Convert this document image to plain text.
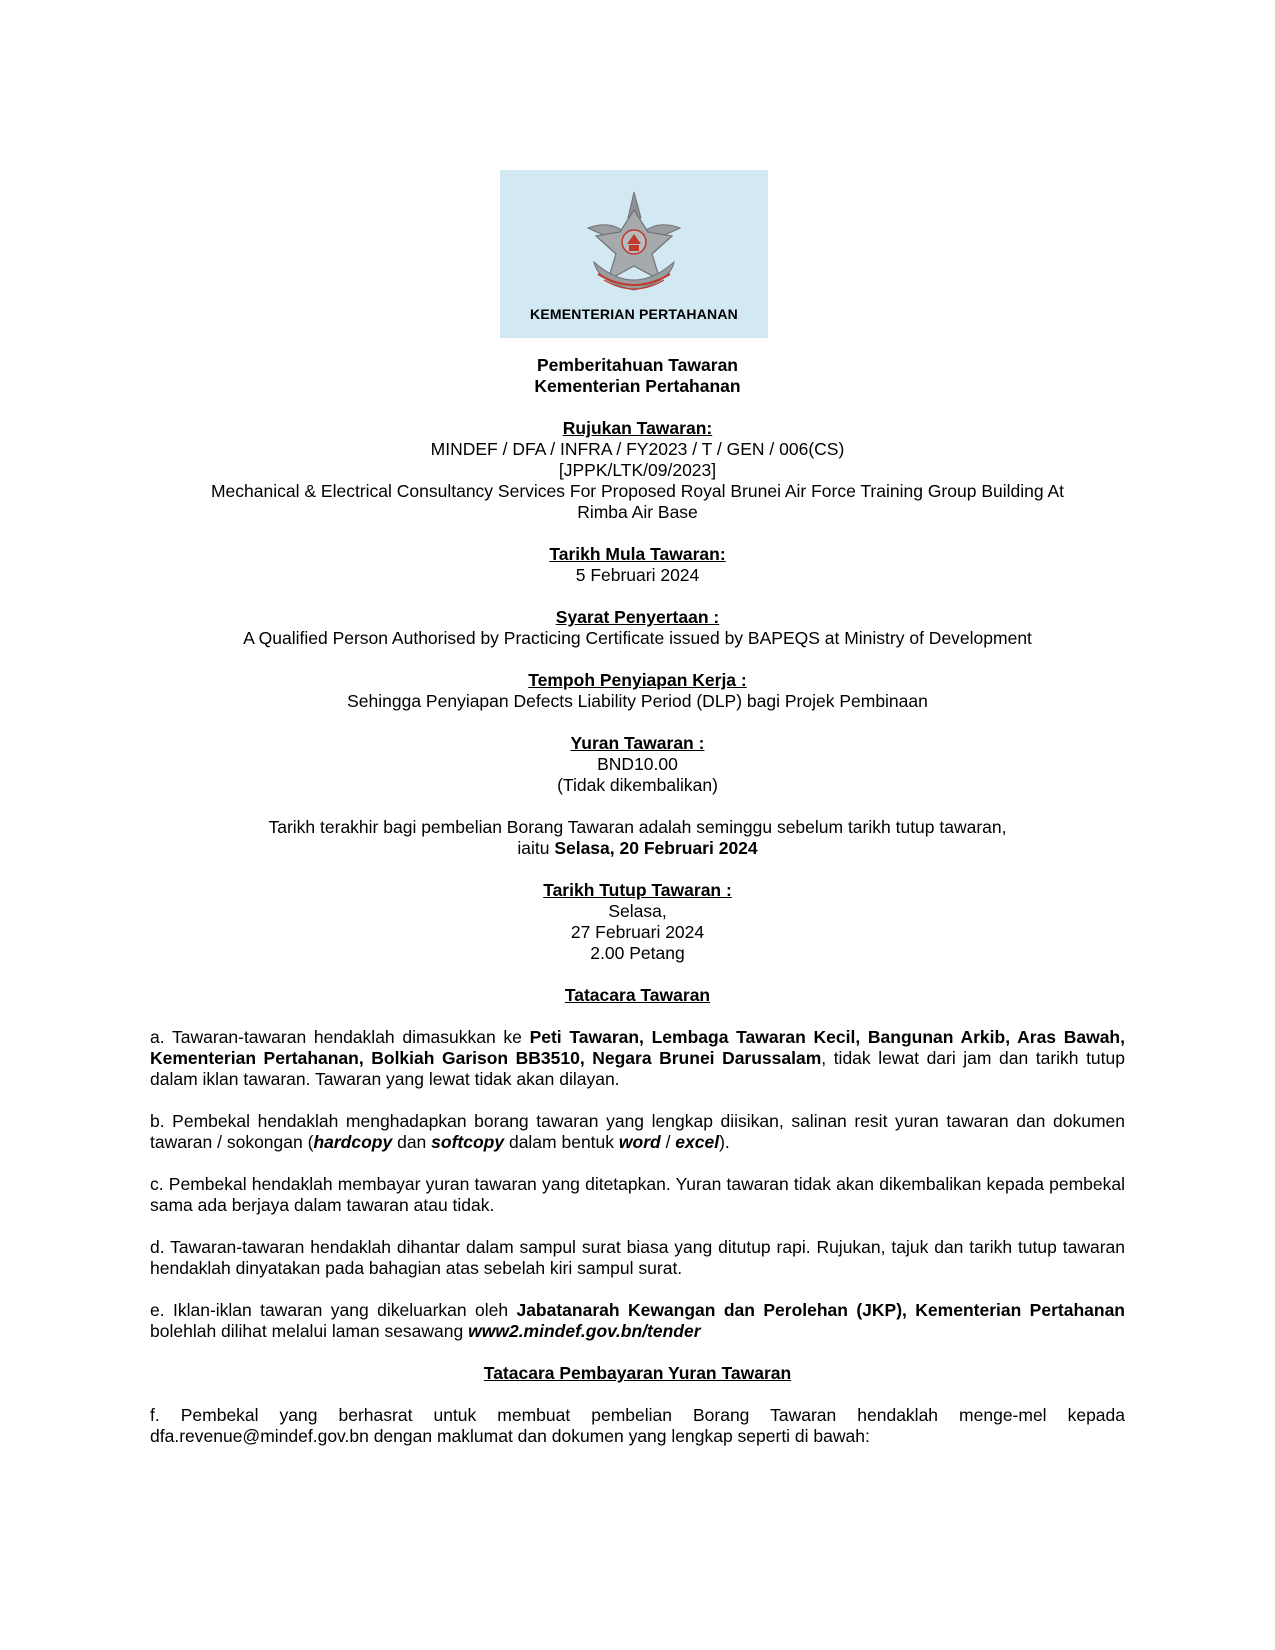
KEMENTERIAN PERTAHANAN
Pemberitahuan Tawaran
Kementerian Pertahanan
Rujukan Tawaran:
MINDEF / DFA / INFRA / FY2023 / T / GEN / 006(CS)
[JPPK/LTK/09/2023]
Mechanical & Electrical Consultancy Services For Proposed Royal Brunei Air Force Training Group Building At
Rimba Air Base
Tarikh Mula Tawaran:
5 Februari 2024
Syarat Penyertaan :
A Qualified Person Authorised by Practicing Certificate issued by BAPEQS at Ministry of Development
Tempoh Penyiapan Kerja :
Sehingga Penyiapan Defects Liability Period (DLP) bagi Projek Pembinaan
Yuran Tawaran :
BND10.00
(Tidak dikembalikan)
Tarikh terakhir bagi pembelian Borang Tawaran adalah seminggu sebelum tarikh tutup tawaran,
iaitu Selasa, 20 Februari 2024
Tarikh Tutup Tawaran :
Selasa,
27 Februari 2024
2.00 Petang
Tatacara Tawaran

a. Tawaran-tawaran hendaklah dimasukkan ke Peti Tawaran, Lembaga Tawaran Kecil, Bangunan Arkib, Aras Bawah, Kementerian Pertahanan, Bolkiah Garison BB3510, Negara Brunei Darussalam, tidak lewat dari jam dan tarikh tutup dalam iklan tawaran. Tawaran yang lewat tidak akan dilayan.

b. Pembekal hendaklah menghadapkan borang tawaran yang lengkap diisikan, salinan resit yuran tawaran dan dokumen tawaran / sokongan (hardcopy dan softcopy dalam bentuk word / excel).

c. Pembekal hendaklah membayar yuran tawaran yang ditetapkan. Yuran tawaran tidak akan dikembalikan kepada pembekal sama ada berjaya dalam tawaran atau tidak.

d. Tawaran-tawaran hendaklah dihantar dalam sampul surat biasa yang ditutup rapi. Rujukan, tajuk dan tarikh tutup tawaran hendaklah dinyatakan pada bahagian atas sebelah kiri sampul surat.

e. Iklan-iklan tawaran yang dikeluarkan oleh Jabatanarah Kewangan dan Perolehan (JKP), Kementerian Pertahanan bolehlah dilihat melalui laman sesawang www2.mindef.gov.bn/tender

Tatacara Pembayaran Yuran Tawaran

f. Pembekal yang berhasrat untuk membuat pembelian Borang Tawaran hendaklah menge-mel kepada dfa.revenue@mindef.gov.bn dengan maklumat dan dokumen yang lengkap seperti di bawah:
